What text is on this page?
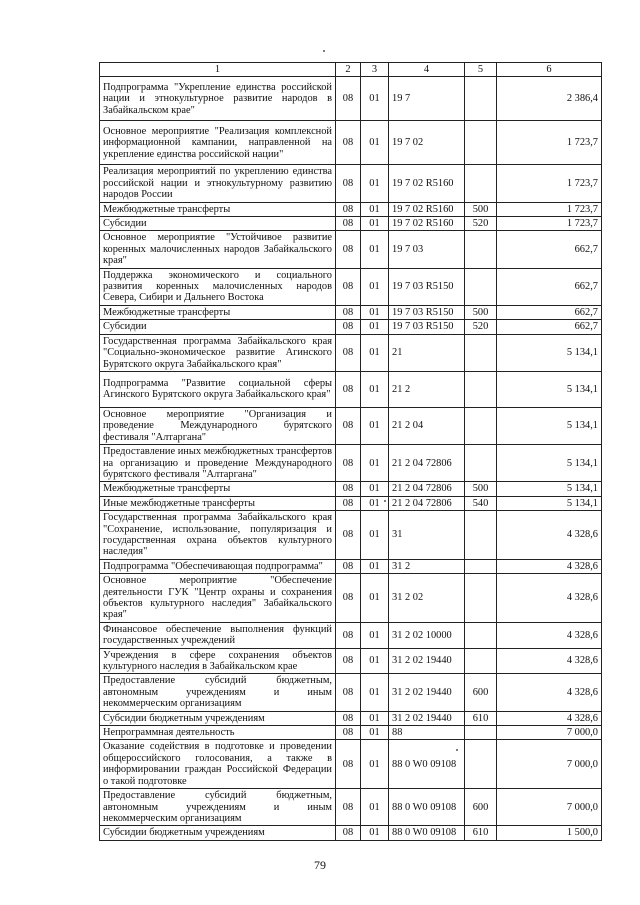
1	2	3	4	5	6
Подпрограмма "Укрепление единства российской нации и этнокультурное развитие народов в Забайкальском крае"	08	01	19 7		2 386,4
Основное мероприятие "Реализация комплексной информационной кампании, направленной на укрепление единства российской нации"	08	01	19 7 02		1 723,7
Реализация мероприятий по укреплению единства российской нации и этнокультурному развитию народов России	08	01	19 7 02 R5160		1 723,7
Межбюджетные трансферты	08	01	19 7 02 R5160	500	1 723,7
Субсидии	08	01	19 7 02 R5160	520	1 723,7
Основное мероприятие "Устойчивое развитие коренных малочисленных народов Забайкальского края"	08	01	19 7 03		662,7
Поддержка экономического и социального развития коренных малочисленных народов Севера, Сибири и Дальнего Востока	08	01	19 7 03 R5150		662,7
Межбюджетные трансферты	08	01	19 7 03 R5150	500	662,7
Субсидии	08	01	19 7 03 R5150	520	662,7
Государственная программа Забайкальского края "Социально-экономическое развитие Агинского Бурятского округа Забайкальского края"	08	01	21		5 134,1
Подпрограмма "Развитие социальной сферы Агинского Бурятского округа Забайкальского края"	08	01	21 2		5 134,1
Основное мероприятие "Организация и проведение Международного бурятского фестиваля "Алтаргана"	08	01	21 2 04		5 134,1
Предоставление иных межбюджетных трансфертов на организацию и проведение Международного бурятского фестиваля "Алтаргана"	08	01	21 2 04 72806		5 134,1
Межбюджетные трансферты	08	01	21 2 04 72806	500	5 134,1
Иные межбюджетные трансферты	08	01	21 2 04 72806	540	5 134,1
Государственная программа Забайкальского края "Сохранение, использование, популяризация и государственная охрана объектов культурного наследия"	08	01	31		4 328,6
Подпрограмма "Обеспечивающая подпрограмма"	08	01	31 2		4 328,6
Основное мероприятие "Обеспечение деятельности ГУК "Центр охраны и сохранения объектов культурного наследия" Забайкальского края"	08	01	31 2 02		4 328,6
Финансовое обеспечение выполнения функций государственных учреждений	08	01	31 2 02 10000		4 328,6
Учреждения в сфере сохранения объектов культурного наследия в Забайкальском крае	08	01	31 2 02 19440		4 328,6
Предоставление субсидий бюджетным, автономным учреждениям и иным некоммерческим организациям	08	01	31 2 02 19440	600	4 328,6
Субсидии бюджетным учреждениям	08	01	31 2 02 19440	610	4 328,6
Непрограммная деятельность	08	01	88		7 000,0
Оказание содействия в подготовке и проведении общероссийского голосования, а также в информировании граждан Российской Федерации о такой подготовке	08	01	88 0 W0 09108		7 000,0
Предоставление субсидий бюджетным, автономным учреждениям и иным некоммерческим организациям	08	01	88 0 W0 09108	600	7 000,0
Субсидии бюджетным учреждениям	08	01	88 0 W0 09108	610	1 500,0
79
